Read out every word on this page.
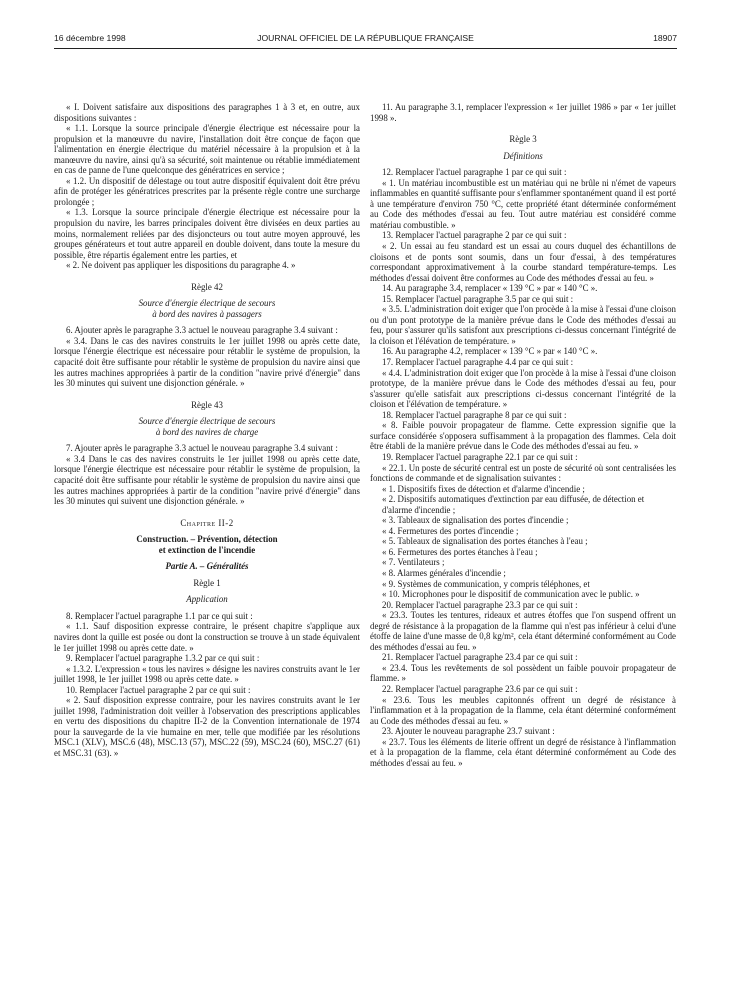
16 décembre 1998	JOURNAL OFFICIEL DE LA RÉPUBLIQUE FRANÇAISE	18907

« I. Doivent satisfaire aux dispositions des paragraphes 1 à 3 et, en outre, aux dispositions suivantes :

« 1.1. Lorsque la source principale d'énergie électrique est nécessaire pour la propulsion et la manœuvre du navire, l'installation doit être conçue de façon que l'alimentation en énergie électrique du matériel nécessaire à la propulsion et à la manœuvre du navire, ainsi qu'à sa sécurité, soit maintenue ou rétablie immédiatement en cas de panne de l'une quelconque des génératrices en service ;

« 1.2. Un dispositif de délestage ou tout autre dispositif équivalent doit être prévu afin de protéger les génératrices prescrites par la présente règle contre une surcharge prolongée ;

« 1.3. Lorsque la source principale d'énergie électrique est nécessaire pour la propulsion du navire, les barres principales doivent être divisées en deux parties au moins, normalement reliées par des disjoncteurs ou tout autre moyen approuvé, les groupes générateurs et tout autre appareil en double doivent, dans toute la mesure du possible, être répartis également entre les parties, et

« 2. Ne doivent pas appliquer les dispositions du paragraphe 4. »

Règle 42

Source d'énergie électrique de secours

à bord des navires à passagers

6. Ajouter après le paragraphe 3.3 actuel le nouveau paragraphe 3.4 suivant :

« 3.4. Dans le cas des navires construits le 1er juillet 1998 ou après cette date, lorsque l'énergie électrique est nécessaire pour rétablir le système de propulsion, la capacité doit être suffisante pour rétablir le système de propulsion du navire ainsi que les autres machines appropriées à partir de la condition "navire privé d'énergie" dans les 30 minutes qui suivent une disjonction générale. »

Règle 43

Source d'énergie électrique de secours

à bord des navires de charge

7. Ajouter après le paragraphe 3.3 actuel le nouveau paragraphe 3.4 suivant :

« 3.4 Dans le cas des navires construits le 1er juillet 1998 ou après cette date, lorsque l'énergie électrique est nécessaire pour rétablir le système de propulsion, la capacité doit être suffisante pour rétablir le système de propulsion du navire ainsi que les autres machines appropriées à partir de la condition "navire privé d'énergie" dans les 30 minutes qui suivent une disjonction générale. »

Chapitre II-2

Construction. – Prévention, détection

et extinction de l'incendie

Partie A. – Généralités

Règle 1

Application

8. Remplacer l'actuel paragraphe 1.1 par ce qui suit :

« 1.1. Sauf disposition expresse contraire, le présent chapitre s'applique aux navires dont la quille est posée ou dont la construction se trouve à un stade équivalent le 1er juillet 1998 ou après cette date. »

9. Remplacer l'actuel paragraphe 1.3.2 par ce qui suit :

« 1.3.2. L'expression « tous les navires » désigne les navires construits avant le 1er juillet 1998, le 1er juillet 1998 ou après cette date. »

10. Remplacer l'actuel paragraphe 2 par ce qui suit :

« 2. Sauf disposition expresse contraire, pour les navires construits avant le 1er juillet 1998, l'administration doit veiller à l'observation des prescriptions applicables en vertu des dispositions du chapitre II-2 de la Convention internationale de 1974 pour la sauvegarde de la vie humaine en mer, telle que modifiée par les résolutions MSC.1 (XLV), MSC.6 (48), MSC.13 (57), MSC.22 (59), MSC.24 (60), MSC.27 (61) et MSC.31 (63). »

11. Au paragraphe 3.1, remplacer l'expression « 1er juillet 1986 » par « 1er juillet 1998 ».

Règle 3

Définitions

12. Remplacer l'actuel paragraphe 1 par ce qui suit :

« 1. Un matériau incombustible est un matériau qui ne brûle ni n'émet de vapeurs inflammables en quantité suffisante pour s'enflammer spontanément quand il est porté à une température d'environ 750 °C, cette propriété étant déterminée conformément au Code des méthodes d'essai au feu. Tout autre matériau est considéré comme matériau combustible. »

13. Remplacer l'actuel paragraphe 2 par ce qui suit :

« 2. Un essai au feu standard est un essai au cours duquel des échantillons de cloisons et de ponts sont soumis, dans un four d'essai, à des températures correspondant approximativement à la courbe standard température-temps. Les méthodes d'essai doivent être conformes au Code des méthodes d'essai au feu. »

14. Au paragraphe 3.4, remplacer « 139 °C » par « 140 °C ».

15. Remplacer l'actuel paragraphe 3.5 par ce qui suit :

« 3.5. L'administration doit exiger que l'on procède à la mise à l'essai d'une cloison ou d'un pont prototype de la manière prévue dans le Code des méthodes d'essai au feu, pour s'assurer qu'ils satisfont aux prescriptions ci-dessus concernant l'intégrité de la cloison et l'élévation de température. »

16. Au paragraphe 4.2, remplacer « 139 °C » par « 140 °C ».

17. Remplacer l'actuel paragraphe 4.4 par ce qui suit :

« 4.4. L'administration doit exiger que l'on procède à la mise à l'essai d'une cloison prototype, de la manière prévue dans le Code des méthodes d'essai au feu, pour s'assurer qu'elle satisfait aux prescriptions ci-dessus concernant l'intégrité de la cloison et l'élévation de température. »

18. Remplacer l'actuel paragraphe 8 par ce qui suit :

« 8. Faible pouvoir propagateur de flamme. Cette expression signifie que la surface considérée s'opposera suffisamment à la propagation des flammes. Cela doit être établi de la manière prévue dans le Code des méthodes d'essai au feu. »

19. Remplacer l'actuel paragraphe 22.1 par ce qui suit :

« 22.1. Un poste de sécurité central est un poste de sécurité où sont centralisées les fonctions de commande et de signalisation suivantes :

« 1. Dispositifs fixes de détection et d'alarme d'incendie ;

« 2. Dispositifs automatiques d'extinction par eau diffusée, de détection et d'alarme d'incendie ;

« 3. Tableaux de signalisation des portes d'incendie ;

« 4. Fermetures des portes d'incendie ;

« 5. Tableaux de signalisation des portes étanches à l'eau ;

« 6. Fermetures des portes étanches à l'eau ;

« 7. Ventilateurs ;

« 8. Alarmes générales d'incendie ;

« 9. Systèmes de communication, y compris téléphones, et

« 10. Microphones pour le dispositif de communication avec le public. »

20. Remplacer l'actuel paragraphe 23.3 par ce qui suit :

« 23.3. Toutes les tentures, rideaux et autres étoffes que l'on suspend offrent un degré de résistance à la propagation de la flamme qui n'est pas inférieur à celui d'une étoffe de laine d'une masse de 0,8 kg/m², cela étant déterminé conformément au Code des méthodes d'essai au feu. »

21. Remplacer l'actuel paragraphe 23.4 par ce qui suit :

« 23.4. Tous les revêtements de sol possèdent un faible pouvoir propagateur de flamme. »

22. Remplacer l'actuel paragraphe 23.6 par ce qui suit :

« 23.6. Tous les meubles capitonnés offrent un degré de résistance à l'inflammation et à la propagation de la flamme, cela étant déterminé conformément au Code des méthodes d'essai au feu. »

23. Ajouter le nouveau paragraphe 23.7 suivant :

« 23.7. Tous les éléments de literie offrent un degré de résistance à l'inflammation et à la propagation de la flamme, cela étant déterminé conformément au Code des méthodes d'essai au feu. »
